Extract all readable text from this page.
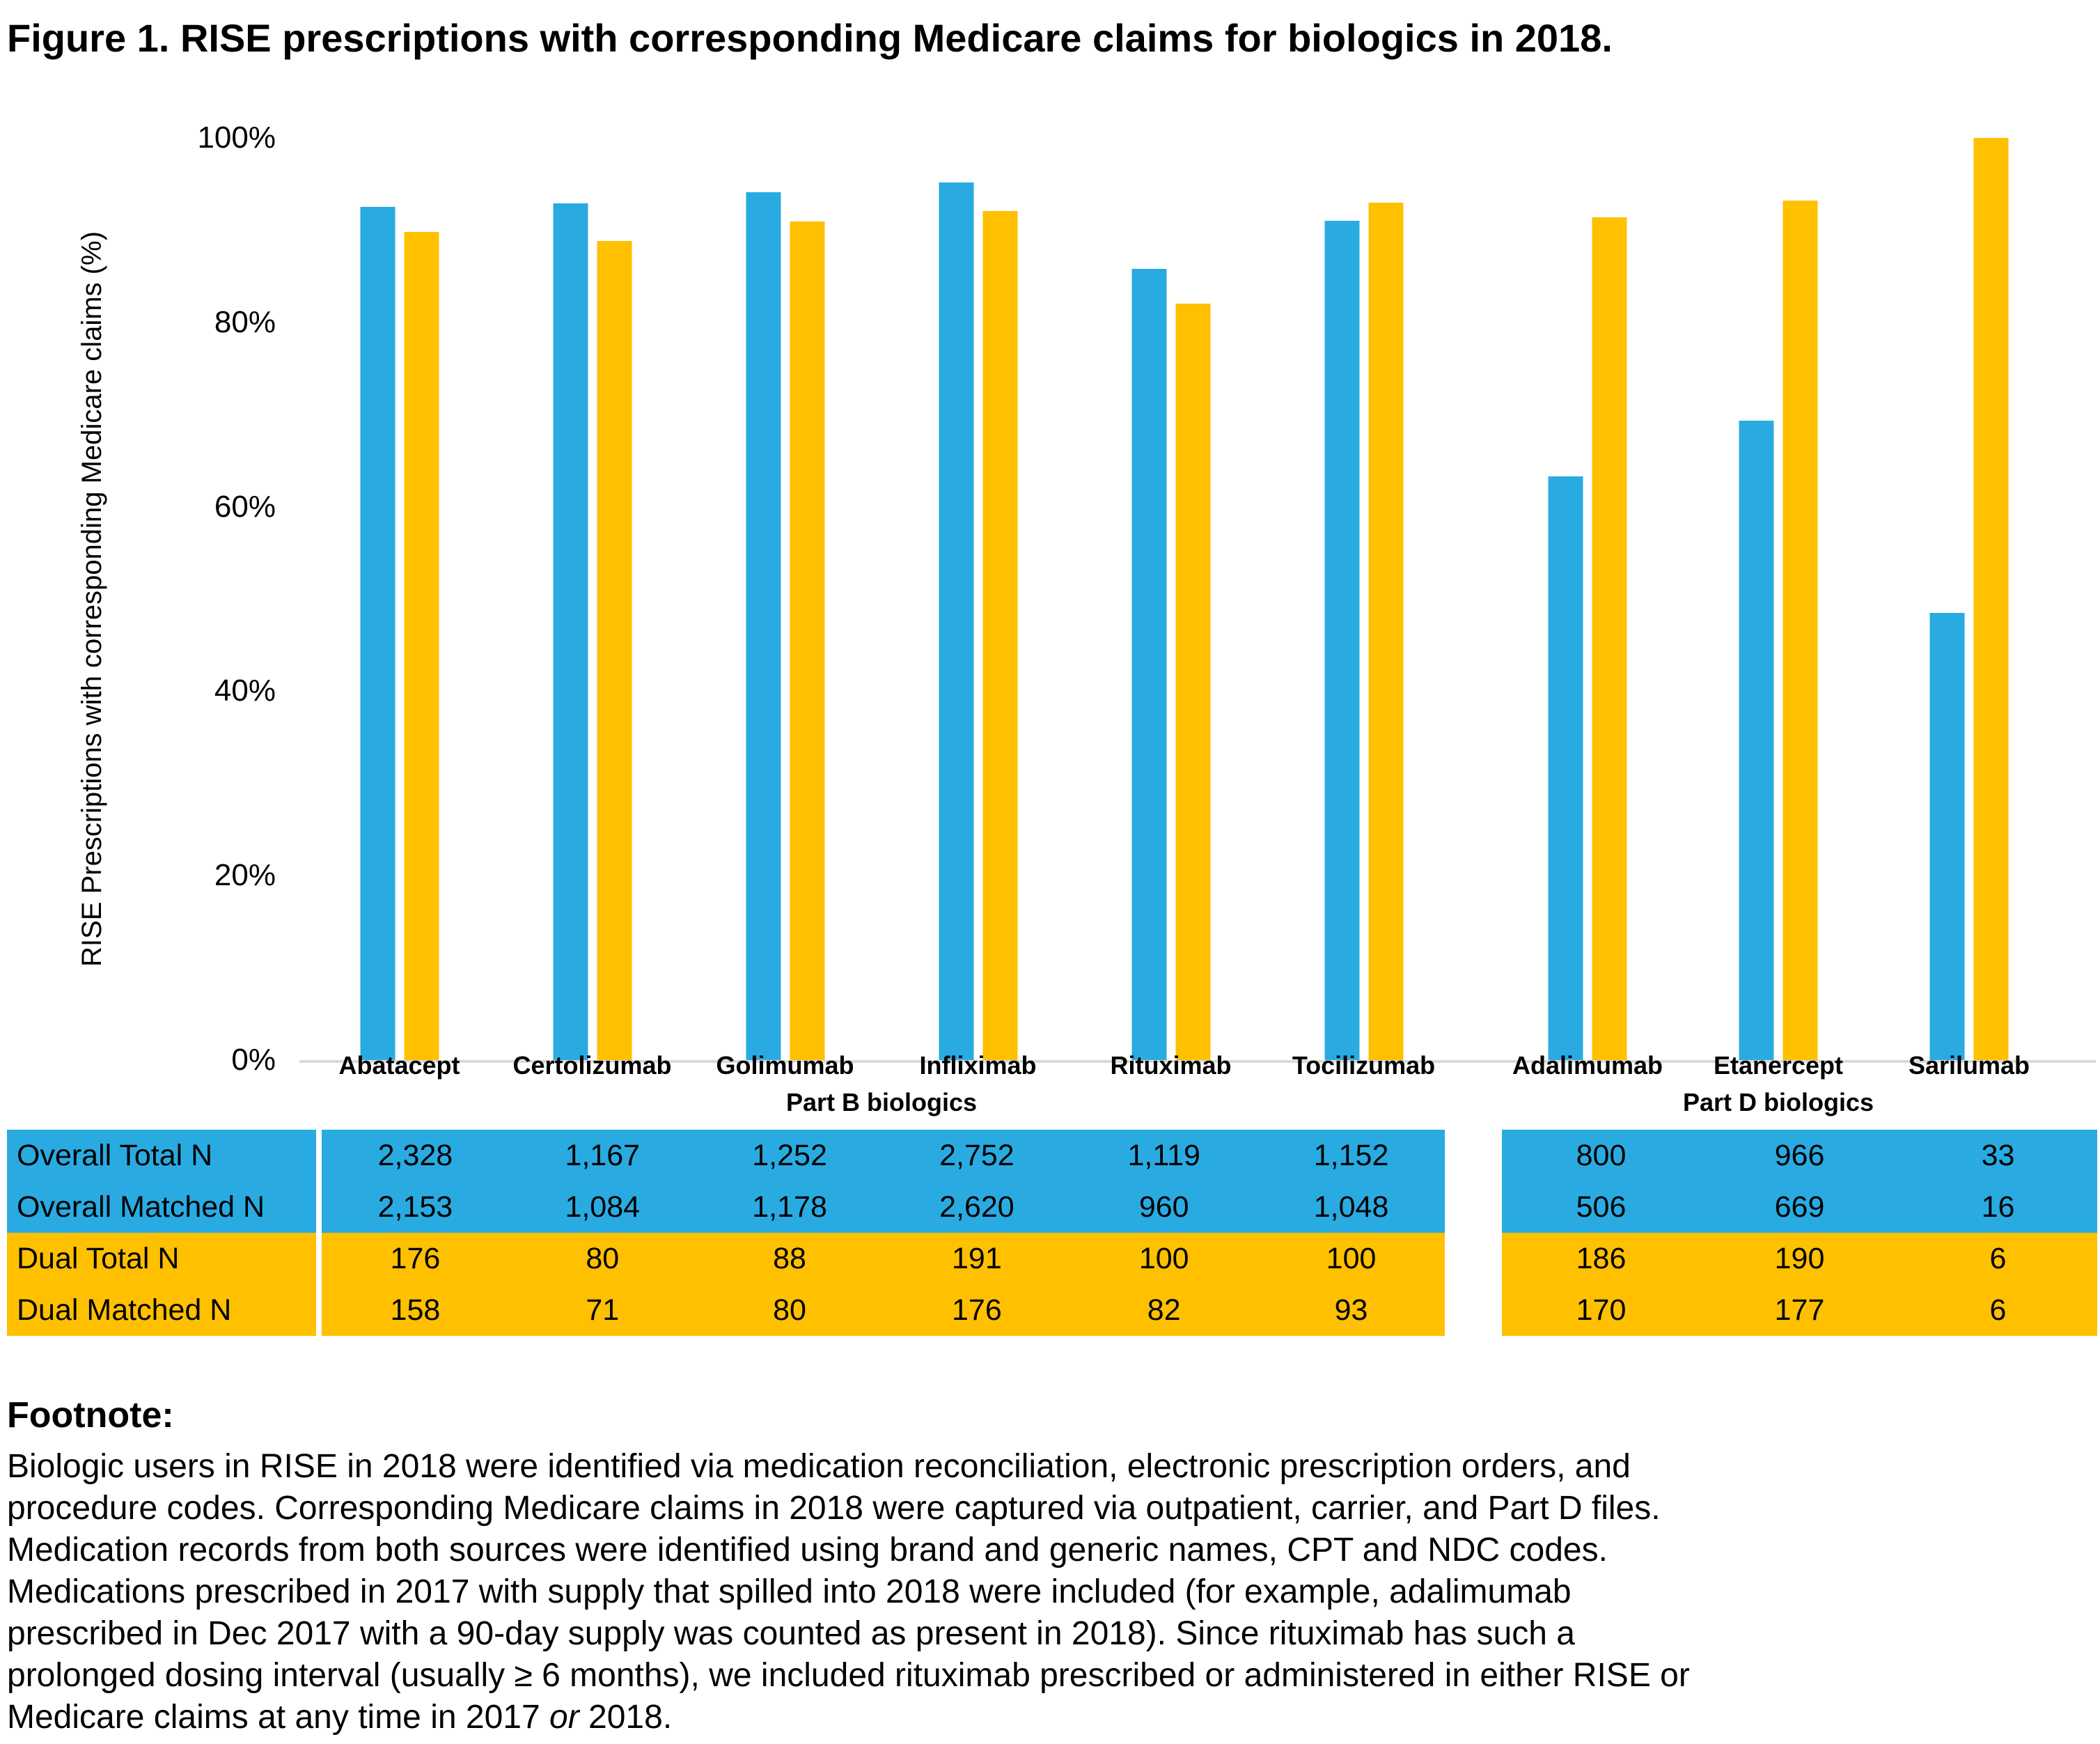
Figure 1. RISE prescriptions with corresponding Medicare claims for biologics in 2018.
RISE Prescriptions with corresponding Medicare claims (%)
100%
80%
60%
40%
20%
0%	Abatacept	Certolizumab	Golimumab	Infliximab	Rituximab	Tocilizumab	Adalimumab	Etanercept	Sarilumab
Part B biologics	Part D biologics
Overall Total N	2,328	1,167	1,252	2,752	1,119	1,152	800	966	33
Overall Matched N	2,153	1,084	1,178	2,620	960	1,048	506	669	16
Dual Total N	176	80	88	191	100	100	186	190	6
Dual Matched N	158	71	80	176	82	93	170	177	6
Footnote:
Biologic users in RISE in 2018 were identified via medication reconciliation, electronic prescription orders, and
procedure codes. Corresponding Medicare claims in 2018 were captured via outpatient, carrier, and Part D files.
Medication records from both sources were identified using brand and generic names, CPT and NDC codes.
Medications prescribed in 2017 with supply that spilled into 2018 were included (for example, adalimumab
prescribed in Dec 2017 with a 90-day supply was counted as present in 2018). Since rituximab has such a
prolonged dosing interval (usually ≥ 6 months), we included rituximab prescribed or administered in either RISE or
Medicare claims at any time in 2017 or 2018.
